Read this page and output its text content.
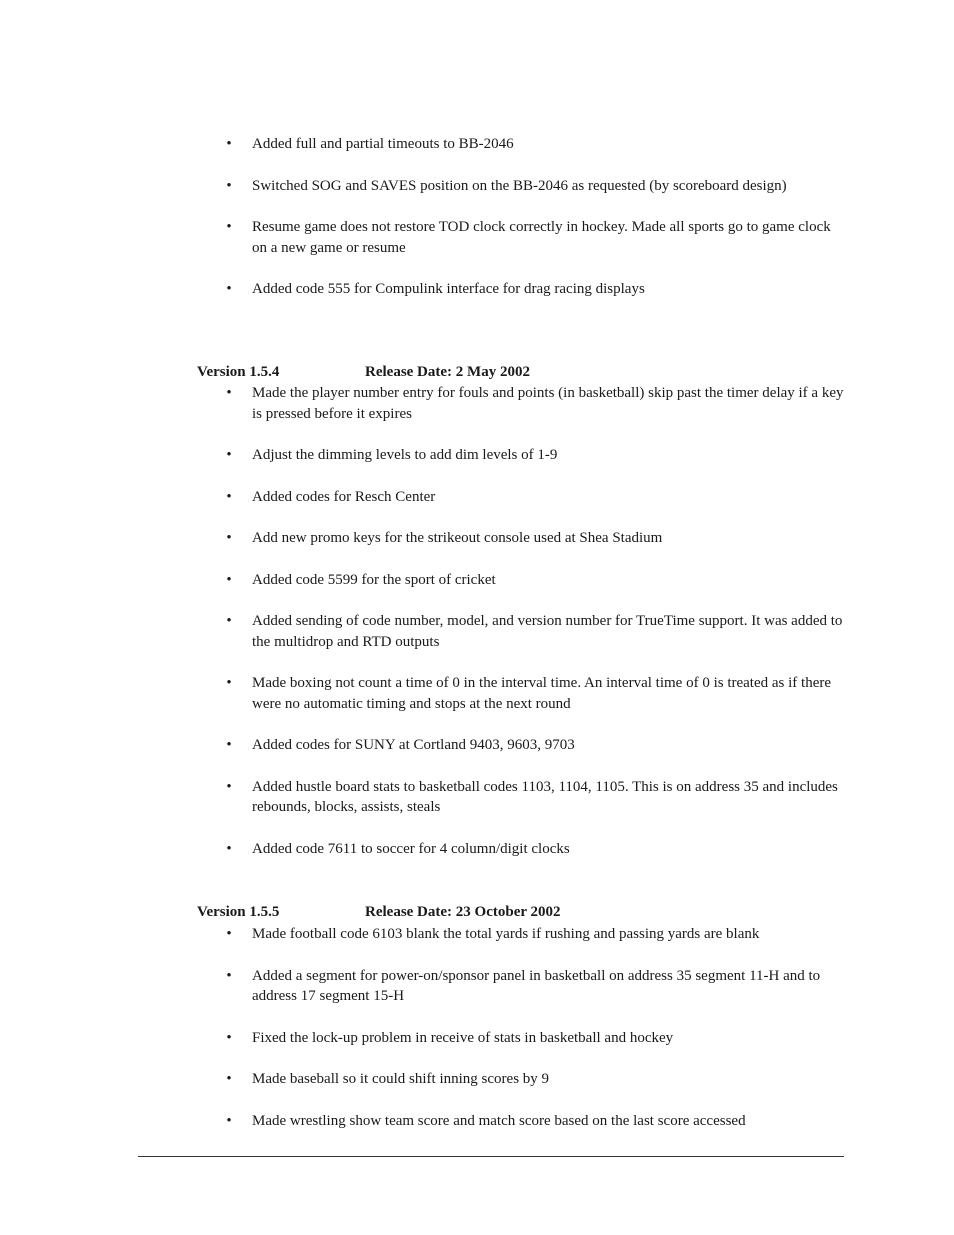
• Added full and partial timeouts to BB-2046
• Switched SOG and SAVES position on the BB-2046 as requested (by scoreboard design)
• Resume game does not restore TOD clock correctly in hockey. Made all sports go to game clock on a new game or resume
• Added code 555 for Compulink interface for drag racing displays
Version 1.5.4	Release Date: 2 May 2002
• Made the player number entry for fouls and points (in basketball) skip past the timer delay if a key is pressed before it expires
• Adjust the dimming levels to add dim levels of 1-9
• Added codes for Resch Center
• Add new promo keys for the strikeout console used at Shea Stadium
• Added code 5599 for the sport of cricket
• Added sending of code number, model, and version number for TrueTime support. It was added to the multidrop and RTD outputs
• Made boxing not count a time of 0 in the interval time. An interval time of 0 is treated as if there were no automatic timing and stops at the next round
• Added codes for SUNY at Cortland 9403, 9603, 9703
• Added hustle board stats to basketball codes 1103, 1104, 1105. This is on address 35 and includes rebounds, blocks, assists, steals
• Added code 7611 to soccer for 4 column/digit clocks
Version 1.5.5	Release Date: 23 October 2002
• Made football code 6103 blank the total yards if rushing and passing yards are blank
• Added a segment for power-on/sponsor panel in basketball on address 35 segment 11-H and to address 17 segment 15-H
• Fixed the lock-up problem in receive of stats in basketball and hockey
• Made baseball so it could shift inning scores by 9
• Made wrestling show team score and match score based on the last score accessed
